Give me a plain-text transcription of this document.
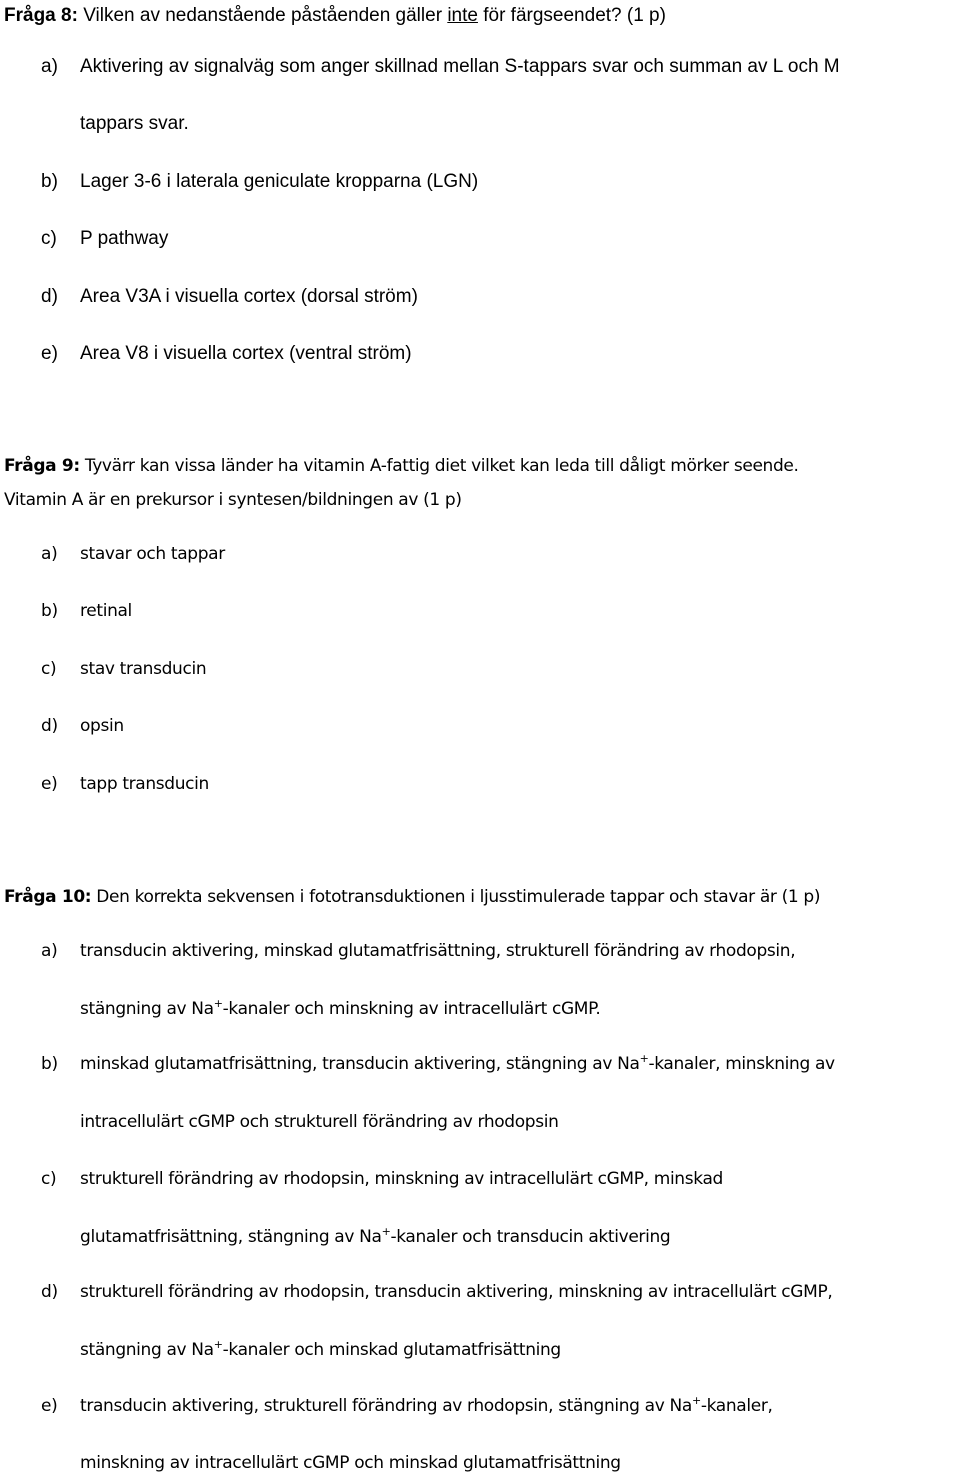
Fråga 8: Vilken av nedanstående påståenden gäller inte för färgseendet? (1 p)
a) Aktivering av signalväg som anger skillnad mellan S-tappars svar och summan av L och M
tappars svar.
b) Lager 3-6 i laterala geniculate kropparna (LGN)
c) P pathway
d) Area V3A i visuella cortex (dorsal ström)
e) Area V8 i visuella cortex (ventral ström)
Fråga 9: Tyvärr kan vissa länder ha vitamin A-fattig diet vilket kan leda till dåligt mörker seende.
Vitamin A är en prekursor i syntesen/bildningen av (1 p)
a) stavar och tappar
b) retinal
c) stav transducin
d) opsin
e) tapp transducin
Fråga 10: Den korrekta sekvensen i fototransduktionen i ljusstimulerade tappar och stavar är (1 p)
a) transducin aktivering, minskad glutamatfrisättning, strukturell förändring av rhodopsin,
stängning av Na+-kanaler och minskning av intracellulärt cGMP.
b) minskad glutamatfrisättning, transducin aktivering, stängning av Na+-kanaler, minskning av
intracellulärt cGMP och strukturell förändring av rhodopsin
c) strukturell förändring av rhodopsin, minskning av intracellulärt cGMP, minskad
glutamatfrisättning, stängning av Na+-kanaler och transducin aktivering
d) strukturell förändring av rhodopsin, transducin aktivering, minskning av intracellulärt cGMP,
stängning av Na+-kanaler och minskad glutamatfrisättning
e) transducin aktivering, strukturell förändring av rhodopsin, stängning av Na+-kanaler,
minskning av intracellulärt cGMP och minskad glutamatfrisättning
